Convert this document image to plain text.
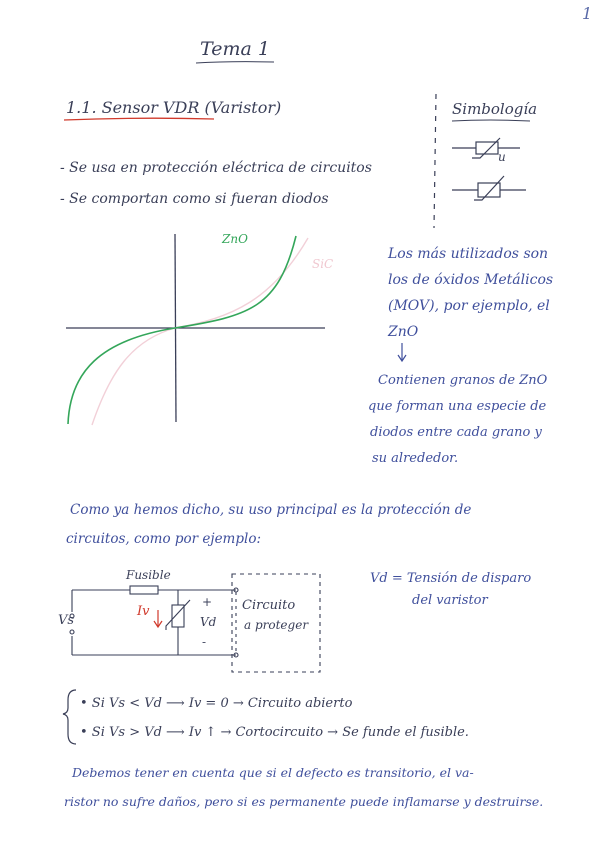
1
Tema 1
1.1. Sensor VDR (Varistor)	Simbología
u
- Se usa en protección eléctrica de circuitos
- Se comportan como si fueran diodos
ZnO
SiC
Los más utilizados son
los de óxidos Metálicos
(MOV), por ejemplo, el
ZnO
Contienen granos de ZnO
que forman una especie de
diodos entre cada grano y
su alrededor.
Como ya hemos dicho, su uso principal es la protección de
circuitos, como por ejemplo:
Fusible
Vs
Iv
+
-
Vd
Circuito
a proteger
Vd = Tensión de disparo
del varistor
• Si Vs < Vd ⟶ Iv = 0 → Circuito abierto
• Si Vs > Vd ⟶ Iv ↑ → Cortocircuito → Se funde el fusible.
Debemos tener en cuenta que si el defecto es transitorio, el va-
ristor no sufre daños, pero si es permanente puede inflamarse y destruirse.
